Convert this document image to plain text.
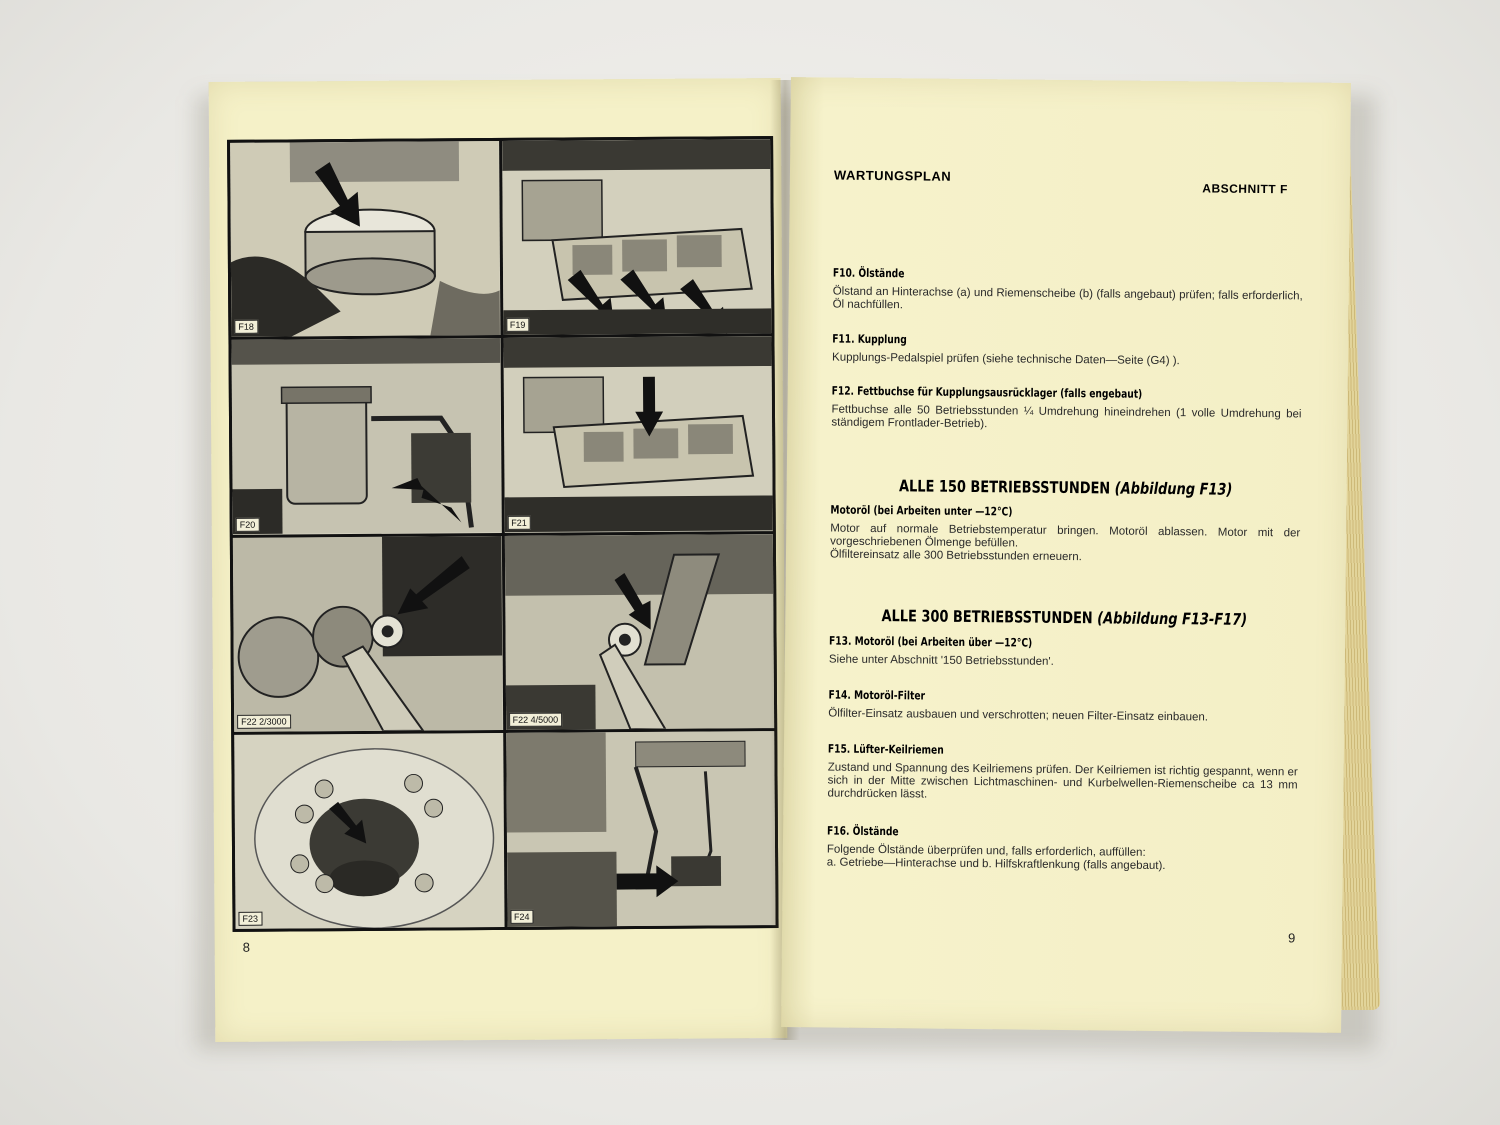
F18	F19
F20	F21
F22 2/3000	F22 4/5000
F23	F24
8
WARTUNGSPLAN
ABSCHNITT F

F10. Ölstände

Ölstand an Hinterachse (a) und Riemenscheibe (b) (falls angebaut) prüfen; falls erforderlich, Öl nachfüllen.

F11. Kupplung

Kupplungs-Pedalspiel prüfen (siehe technische Daten—Seite (G4) ).

F12. Fettbuchse für Kupplungsausrücklager (falls engebaut)

Fettbuchse alle 50 Betriebsstunden ¼ Umdrehung hineindrehen (1 volle Umdrehung bei ständigem Frontlader-Betrieb).

ALLE 150 BETRIEBSSTUNDEN (Abbildung F13)

Motoröl (bei Arbeiten unter —12°C)

Motor auf normale Betriebstemperatur bringen. Motoröl ablassen. Motor mit der vorgeschriebenen Ölmenge befüllen.

Ölfiltereinsatz alle 300 Betriebsstunden erneuern.

ALLE 300 BETRIEBSSTUNDEN (Abbildung F13-F17)

F13. Motoröl (bei Arbeiten über —12°C)

Siehe unter Abschnitt '150 Betriebsstunden'.

F14. Motoröl-Filter

Ölfilter-Einsatz ausbauen und verschrotten; neuen Filter-Einsatz einbauen.

F15. Lüfter-Keilriemen

Zustand und Spannung des Keilriemens prüfen. Der Keilriemen ist richtig gespannt, wenn er sich in der Mitte zwischen Lichtmaschinen- und Kurbelwellen-Riemenscheibe ca 13 mm durchdrücken lässt.

F16. Ölstände

Folgende Ölstände überprüfen und, falls erforderlich, auffüllen:

a. Getriebe—Hinterachse und b. Hilfskraftlenkung (falls angebaut).

9
